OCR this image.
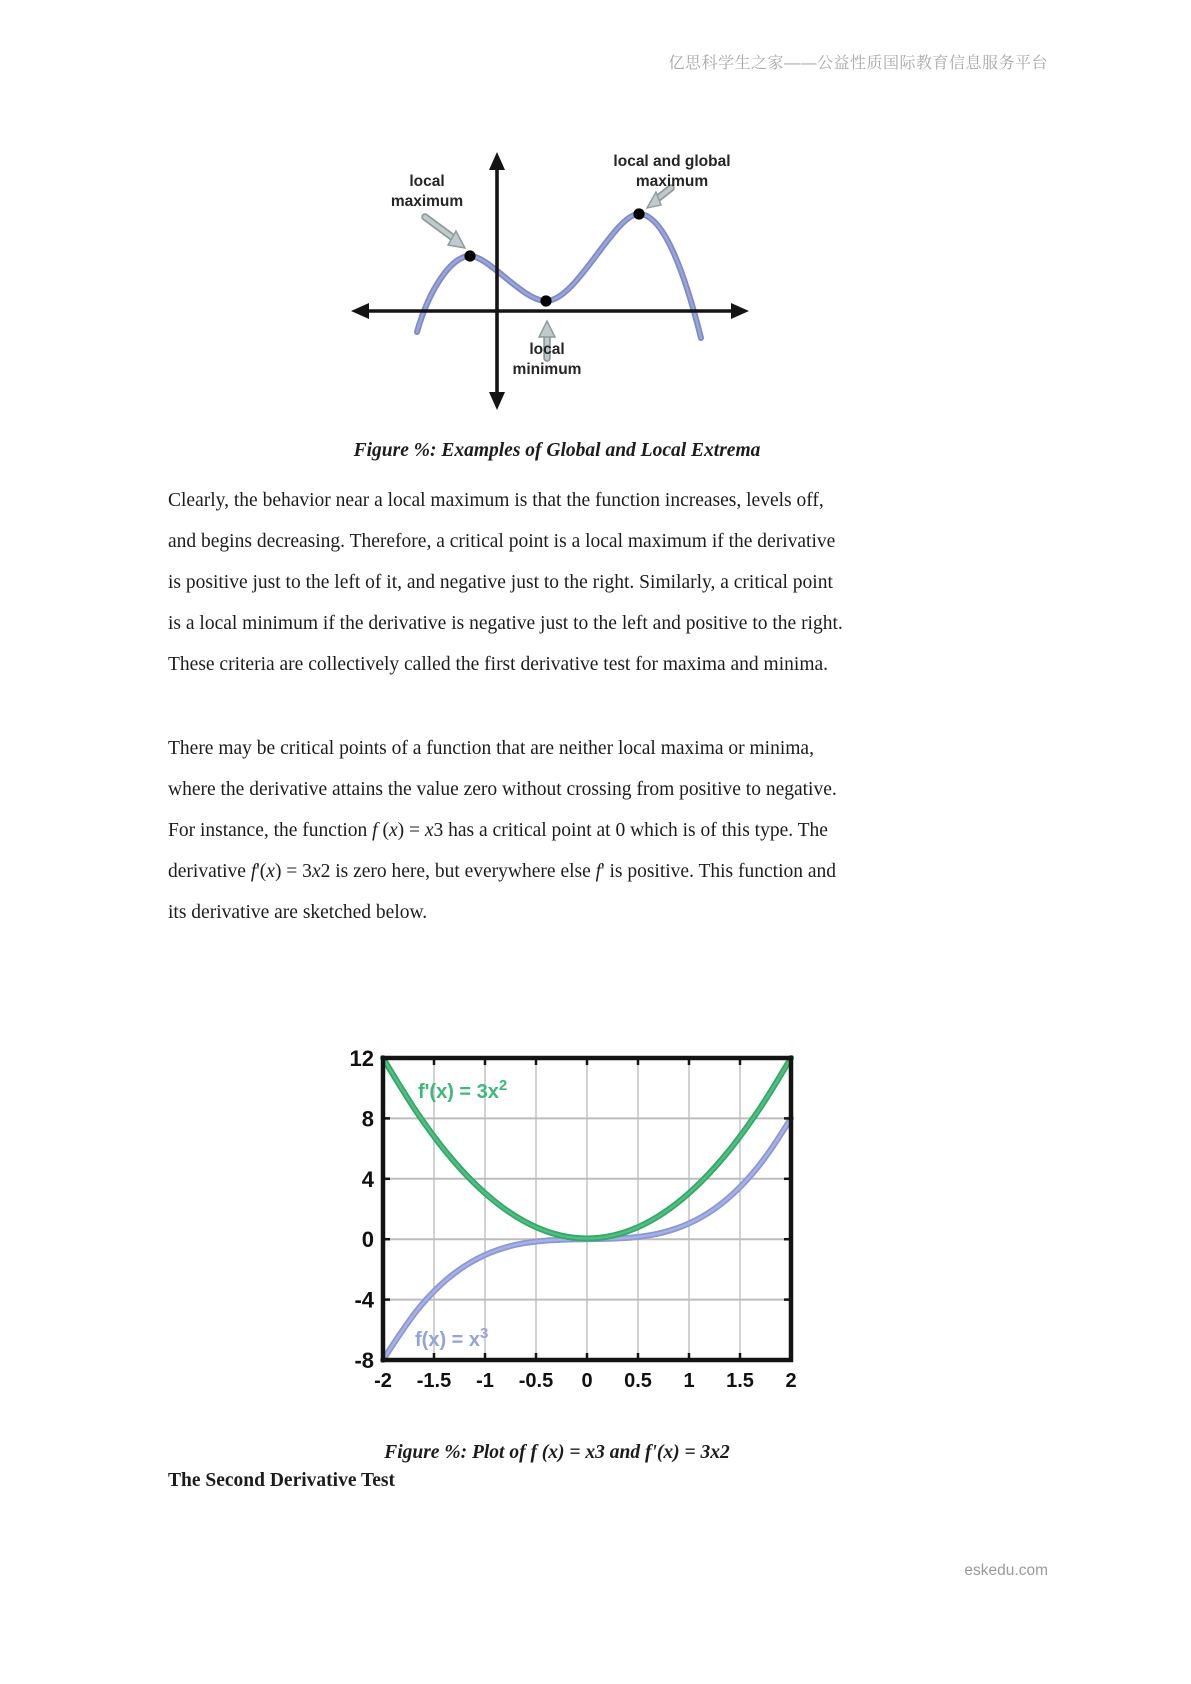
亿思科学生之家——公益性质国际教育信息服务平台
local
maximum
local and global
maximum
local
minimum
Figure %: Examples of Global and Local Extrema
Clearly, the behavior near a local maximum is that the function increases, levels off,
and begins decreasing. Therefore, a critical point is a local maximum if the derivative
is positive just to the left of it, and negative just to the right. Similarly, a critical point
is a local minimum if the derivative is negative just to the left and positive to the right.
These criteria are collectively called the first derivative test for maxima and minima.
There may be critical points of a function that are neither local maxima or minima,
where the derivative attains the value zero without crossing from positive to negative.
For instance, the function f (x) = x3 has a critical point at 0 which is of this type. The
derivative f'(x) = 3x2 is zero here, but everywhere else f' is positive. This function and
its derivative are sketched below.
12
8
4
0
-4
-8
-2 -1.5 -1 -0.5 0 0.5 1 1.5 2
$f'(x) = 3x^2$
$f(x) = x^3$
Figure %: Plot of f (x) = x3 and f'(x) = 3x2
The Second Derivative Test
eskedu.com
